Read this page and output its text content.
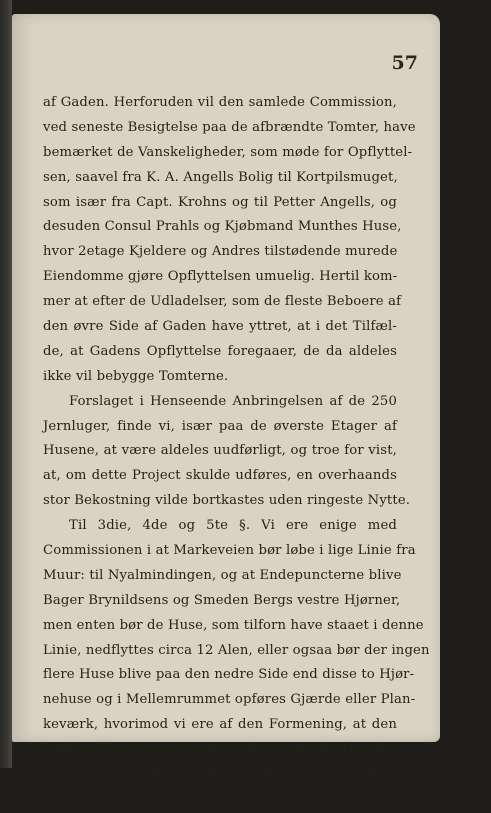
57
af Gaden. Herforuden vil den samlede Commission,
ved seneste Besigtelse paa de afbrændte Tomter, have
bemærket de Vanskeligheder, som møde for Opflyttel-
sen, saavel fra K. A. Angells Bolig til Kortpilsmuget,
som især fra Capt. Krohns og til Petter Angells, og
desuden Consul Prahls og Kjøbmand Munthes Huse,
hvor 2etage Kjeldere og Andres tilstødende murede
Eiendomme gjøre Opflyttelsen umuelig. Hertil kom-
mer at efter de Udladelser, som de fleste Beboere af
den øvre Side af Gaden have yttret, at i det Tilfæl-
de, at Gadens Opflyttelse foregaaer, de da aldeles
ikke vil bebygge Tomterne.
Forslaget i Henseende Anbringelsen af de 250
Jernluger, finde vi, især paa de øverste Etager af
Husene, at være aldeles uudførligt, og troe for vist,
at, om dette Project skulde udføres, en overhaands
stor Bekostning vilde bortkastes uden ringeste Nytte.
Til 3die, 4de og 5te §. Vi ere enige med
Commissionen i at Markeveien bør løbe i lige Linie fra
Muur: til Nyalmindingen, og at Endepuncterne blive
Bager Brynildsens og Smeden Bergs vestre Hjørner,
men enten bør de Huse, som tilforn have staaet i denne
Linie, nedflyttes circa 12 Alen, eller ogsaa bør der ingen
flere Huse blive paa den nedre Side end disse to Hjør-
nehuse og i Mellemrummet opføres Gjærde eller Plan-
keværk, hvorimod vi ere af den Formening, at den
Række Huse, som staaer under Corps du Guarde,
saavelsom den, der vendte mod Klosteret bør blive op-
ført som forhen, dog med Undtagelse af de tvende Hu-
